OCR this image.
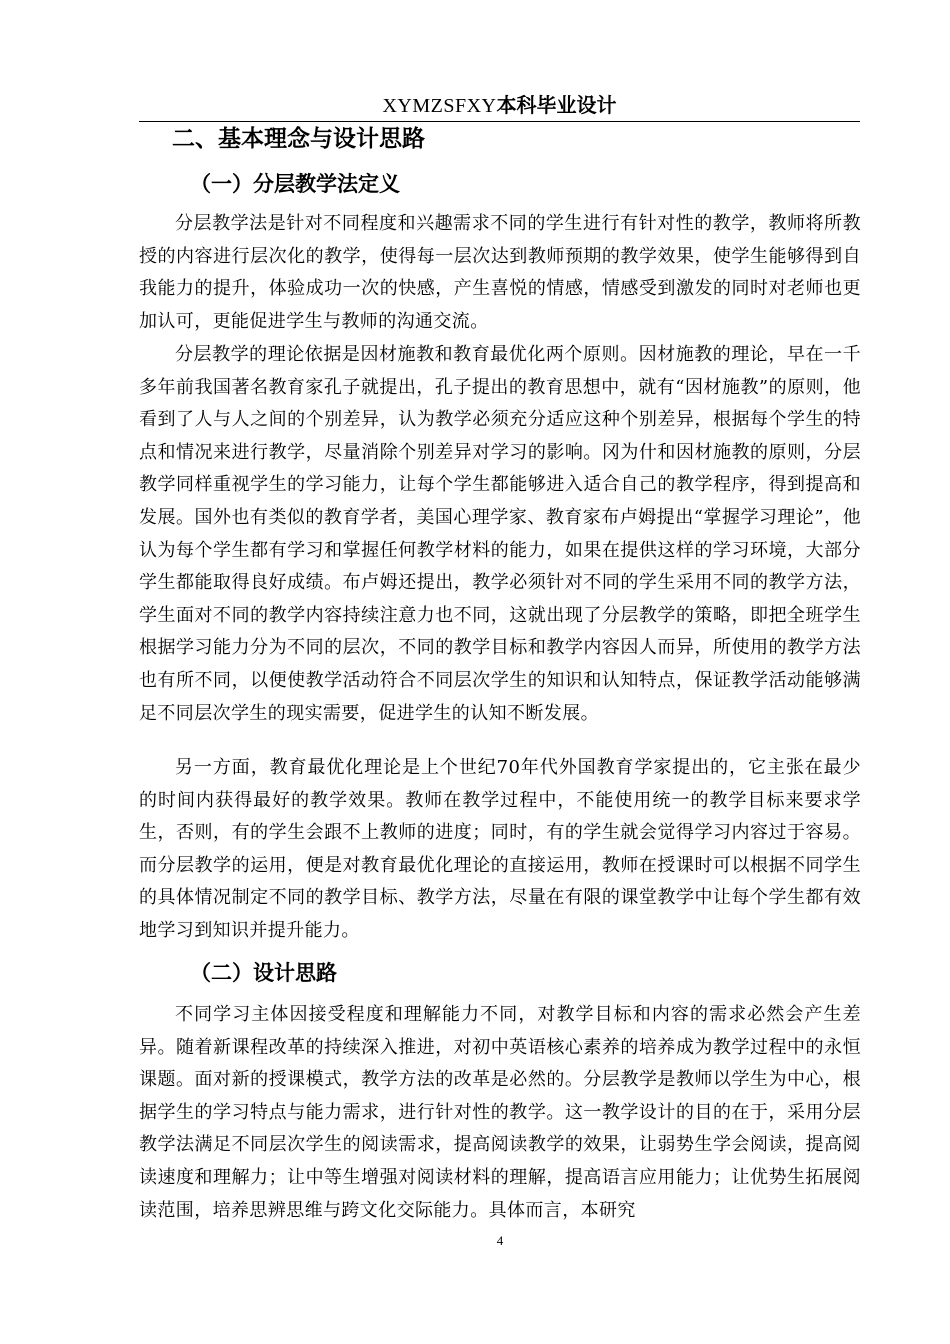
XYMZSFXY本科毕业设计
二、基本理念与设计思路
（一）分层教学法定义

分层教学法是针对不同程度和兴趣需求不同的学生进行有针对性的教学，教师将所教授的内容进行层次化的教学，使得每一层次达到教师预期的教学效果，使学生能够得到自我能力的提升，体验成功一次的快感，产生喜悦的情感，情感受到激发的同时对老师也更加认可，更能促进学生与教师的沟通交流。

分层教学的理论依据是因材施教和教育最优化两个原则。因材施教的理论，早在一千多年前我国著名教育家孔子就提出，孔子提出的教育思想中，就有“因材施教”的原则，他看到了人与人之间的个别差异，认为教学必须充分适应这种个别差异，根据每个学生的特点和情况来进行教学，尽量消除个别差异对学习的影响。冈为什和因材施教的原则，分层教学同样重视学生的学习能力，让每个学生都能够进入适合自己的教学程序，得到提高和发展。国外也有类似的教育学者，美国心理学家、教育家布卢姆提出“掌握学习理论”，他认为每个学生都有学习和掌握任何教学材料的能力，如果在提供这样的学习环境，大部分学生都能取得良好成绩。布卢姆还提出，教学必须针对不同的学生采用不同的教学方法，学生面对不同的教学内容持续注意力也不同，这就出现了分层教学的策略，即把全班学生根据学习能力分为不同的层次，不同的教学目标和教学内容因人而异，所使用的教学方法也有所不同，以便使教学活动符合不同层次学生的知识和认知特点，保证教学活动能够满足不同层次学生的现实需要，促进学生的认知不断发展。

另一方面，教育最优化理论是上个世纪70年代外国教育学家提出的，它主张在最少的时间内获得最好的教学效果。教师在教学过程中，不能使用统一的教学目标来要求学生，否则，有的学生会跟不上教师的进度；同时，有的学生就会觉得学习内容过于容易。而分层教学的运用，便是对教育最优化理论的直接运用，教师在授课时可以根据不同学生的具体情况制定不同的教学目标、教学方法，尽量在有限的课堂教学中让每个学生都有效地学习到知识并提升能力。

（二）设计思路

不同学习主体因接受程度和理解能力不同，对教学目标和内容的需求必然会产生差异。随着新课程改革的持续深入推进，对初中英语核心素养的培养成为教学过程中的永恒课题。面对新的授课模式，教学方法的改革是必然的。分层教学是教师以学生为中心，根据学生的学习特点与能力需求，进行针对性的教学。这一教学设计的目的在于，采用分层教学法满足不同层次学生的阅读需求，提高阅读教学的效果，让弱势生学会阅读，提高阅读速度和理解力；让中等生增强对阅读材料的理解，提高语言应用能力；让优势生拓展阅读范围，培养思辨思维与跨文化交际能力。具体而言，本研究

4
